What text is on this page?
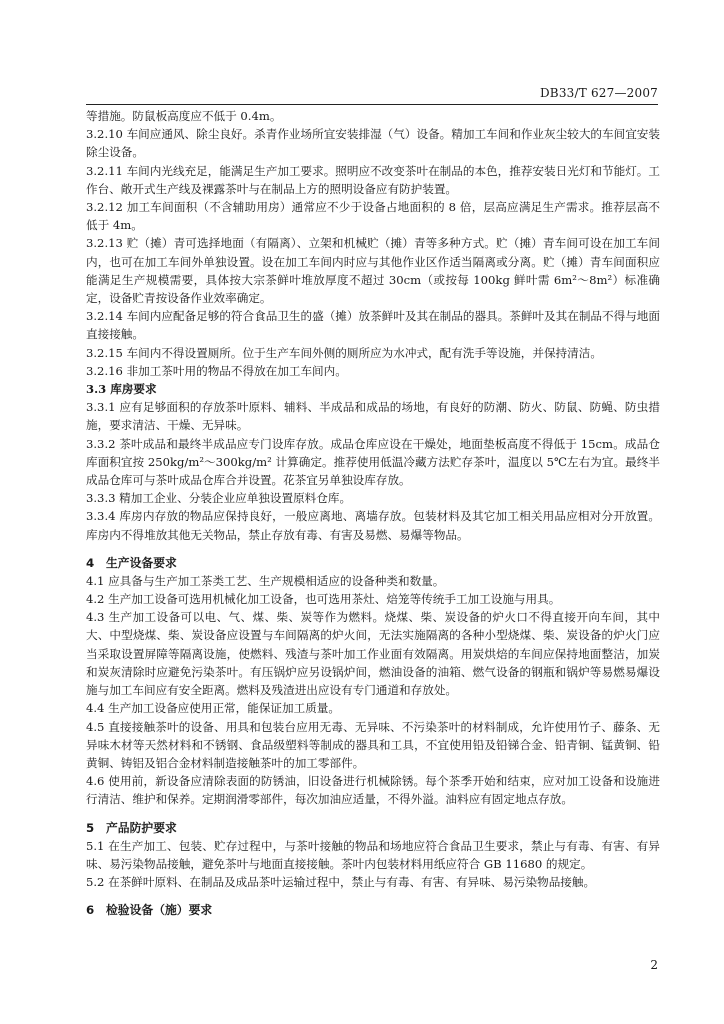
DB33/T 627—2007

等措施。防鼠板高度应不低于 0.4m。

3.2.10 车间应通风、除尘良好。杀青作业场所宜安装排湿（气）设备。精加工车间和作业灰尘较大的车间宜安装除尘设备。

3.2.11 车间内光线充足，能满足生产加工要求。照明应不改变茶叶在制品的本色，推荐安装日光灯和节能灯。工作台、敞开式生产线及裸露茶叶与在制品上方的照明设备应有防护装置。

3.2.12 加工车间面积（不含辅助用房）通常应不少于设备占地面积的 8 倍，层高应满足生产需求。推荐层高不低于 4m。

3.2.13 贮（摊）青可选择地面（有隔离）、立架和机械贮（摊）青等多种方式。贮（摊）青车间可设在加工车间内，也可在加工车间外单独设置。设在加工车间内时应与其他作业区作适当隔离或分离。贮（摊）青车间面积应能满足生产规模需要，具体按大宗茶鲜叶堆放厚度不超过 30cm（或按每 100kg 鲜叶需 6m²～8m²）标准确定，设备贮青按设备作业效率确定。

3.2.14 车间内应配备足够的符合食品卫生的盛（摊）放茶鲜叶及其在制品的器具。茶鲜叶及其在制品不得与地面直接接触。

3.2.15 车间内不得设置厕所。位于生产车间外侧的厕所应为水冲式，配有洗手等设施，并保持清洁。

3.2.16 非加工茶叶用的物品不得放在加工车间内。

3.3 库房要求

3.3.1 应有足够面积的存放茶叶原料、辅料、半成品和成品的场地，有良好的防潮、防火、防鼠、防蝇、防虫措施，要求清洁、干燥、无异味。

3.3.2 茶叶成品和最终半成品应专门设库存放。成品仓库应设在干燥处，地面垫板高度不得低于 15cm。成品仓库面积宜按 250kg/m²～300kg/m² 计算确定。推荐使用低温冷藏方法贮存茶叶，温度以 5℃左右为宜。最终半成品仓库可与茶叶成品仓库合并设置。花茶宜另单独设库存放。

3.3.3 精加工企业、分装企业应单独设置原料仓库。

3.3.4 库房内存放的物品应保持良好，一般应离地、离墙存放。包装材料及其它加工相关用品应相对分开放置。库房内不得堆放其他无关物品，禁止存放有毒、有害及易燃、易爆等物品。

4 生产设备要求

4.1 应具备与生产加工茶类工艺、生产规模相适应的设备种类和数量。

4.2 生产加工设备可选用机械化加工设备，也可选用茶灶、焙笼等传统手工加工设施与用具。

4.3 生产加工设备可以电、气、煤、柴、炭等作为燃料。烧煤、柴、炭设备的炉火口不得直接开向车间，其中大、中型烧煤、柴、炭设备应设置与车间隔离的炉火间，无法实施隔离的各种小型烧煤、柴、炭设备的炉火门应当采取设置屏障等隔离设施，使燃料、残渣与茶叶加工作业面有效隔离。用炭烘焙的车间应保持地面整洁，加炭和炭灰清除时应避免污染茶叶。有压锅炉应另设锅炉间，燃油设备的油箱、燃气设备的钢瓶和锅炉等易燃易爆设施与加工车间应有安全距离。燃料及残渣进出应设有专门通道和存放处。

4.4 生产加工设备应使用正常，能保证加工质量。

4.5 直接接触茶叶的设备、用具和包装台应用无毒、无异味、不污染茶叶的材料制成，允许使用竹子、藤条、无异味木材等天然材料和不锈钢、食品级塑料等制成的器具和工具，不宜使用铅及铅锑合金、铅青铜、锰黄铜、铅黄铜、铸铝及铝合金材料制造接触茶叶的加工零部件。

4.6 使用前，新设备应清除表面的防锈油，旧设备进行机械除锈。每个茶季开始和结束，应对加工设备和设施进行清洁、维护和保养。定期润滑零部件，每次加油应适量，不得外溢。油料应有固定地点存放。

5 产品防护要求

5.1 在生产加工、包装、贮存过程中，与茶叶接触的物品和场地应符合食品卫生要求，禁止与有毒、有害、有异味、易污染物品接触，避免茶叶与地面直接接触。茶叶内包装材料用纸应符合 GB 11680 的规定。

5.2 在茶鲜叶原料、在制品及成品茶叶运输过程中，禁止与有毒、有害、有异味、易污染物品接触。

6 检验设备（施）要求

2
